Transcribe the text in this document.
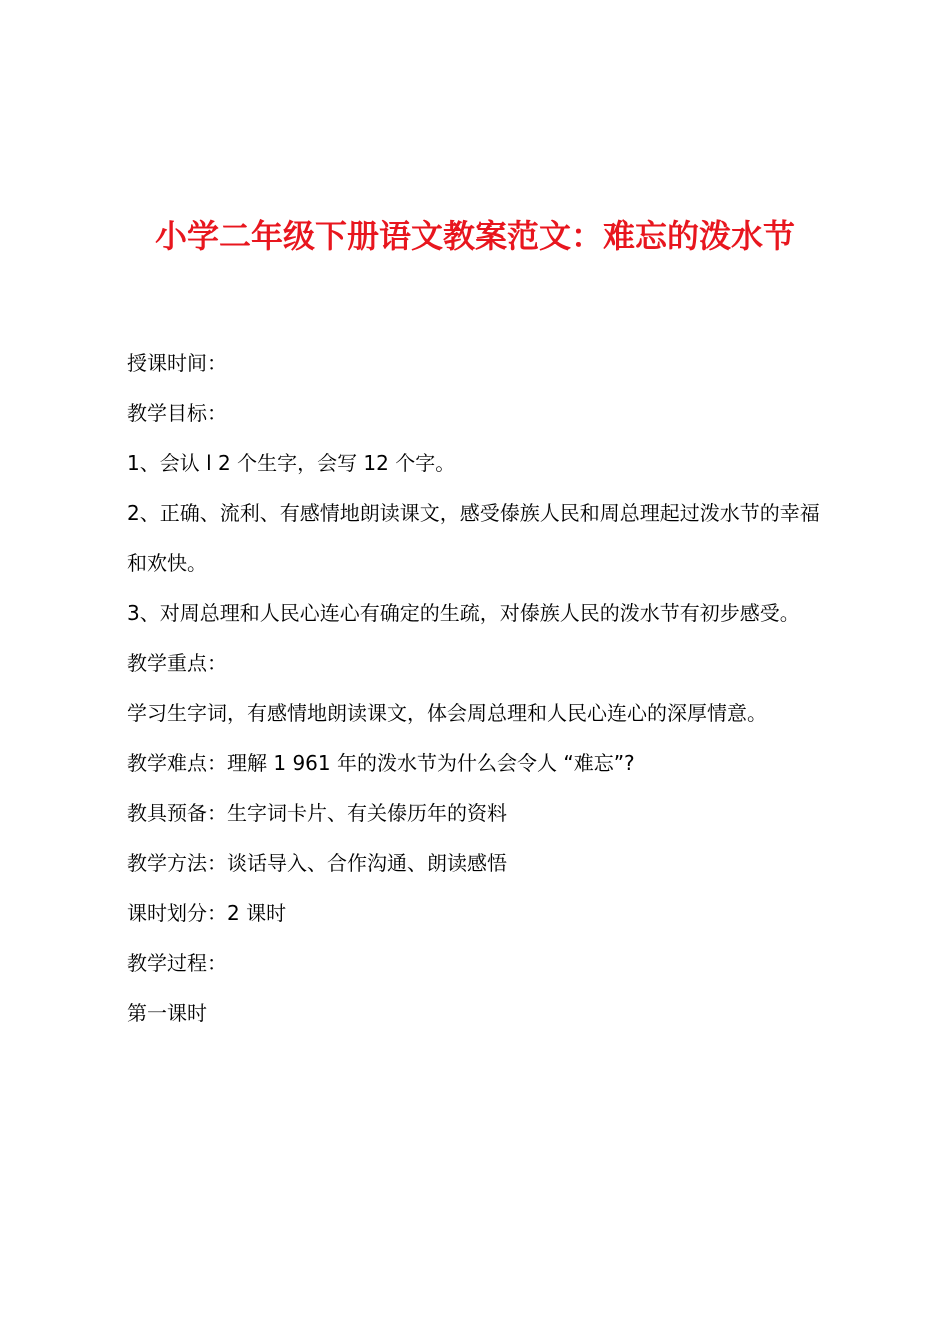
小学二年级下册语文教案范文：难忘的泼水节

授课时间：

教学目标：

1、会认 l 2 个生字，会写 12 个字。

2、正确、流利、有感情地朗读课文，感受傣族人民和周总理起过泼水节的幸福和欢快。

3、对周总理和人民心连心有确定的生疏，对傣族人民的泼水节有初步感受。

教学重点：

学习生字词，有感情地朗读课文，体会周总理和人民心连心的深厚情意。

教学难点：理解 1 961 年的泼水节为什么会令人 “难忘”?

教具预备：生字词卡片、有关傣历年的资料

教学方法：谈话导入、合作沟通、朗读感悟

课时划分：2 课时

教学过程：

第一课时
